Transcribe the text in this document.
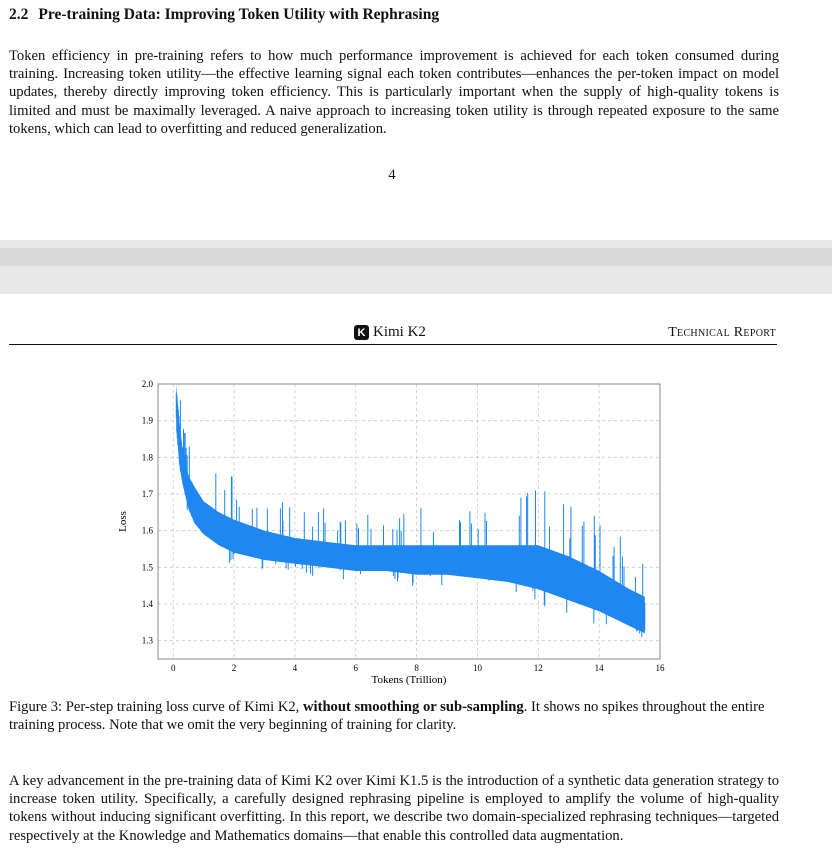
2.2 Pre-training Data: Improving Token Utility with Rephrasing

Token efficiency in pre-training refers to how much performance improvement is achieved for each token consumed during training. Increasing token utility—the effective learning signal each token contributes—enhances the per-token impact on model updates, thereby directly improving token efficiency. This is particularly important when the supply of high-quality tokens is limited and must be maximally leveraged. A naive approach to increasing token utility is through repeated exposure to the same tokens, which can lead to overfitting and reduced generalization.

4
K Kimi K2	Technical Report
0	2	4	6	8	10	12	14	16
1.3
1.4
1.5
1.6
1.7
1.8
1.9
2.0
Tokens (Trillion)
Loss

Figure 3: Per-step training loss curve of Kimi K2, without smoothing or sub-sampling. It shows no spikes throughout the entire training process. Note that we omit the very beginning of training for clarity.

A key advancement in the pre-training data of Kimi K2 over Kimi K1.5 is the introduction of a synthetic data generation strategy to increase token utility. Specifically, a carefully designed rephrasing pipeline is employed to amplify the volume of high-quality tokens without inducing significant overfitting. In this report, we describe two domain-specialized rephrasing techniques—targeted respectively at the Knowledge and Mathematics domains—that enable this controlled data augmentation.
